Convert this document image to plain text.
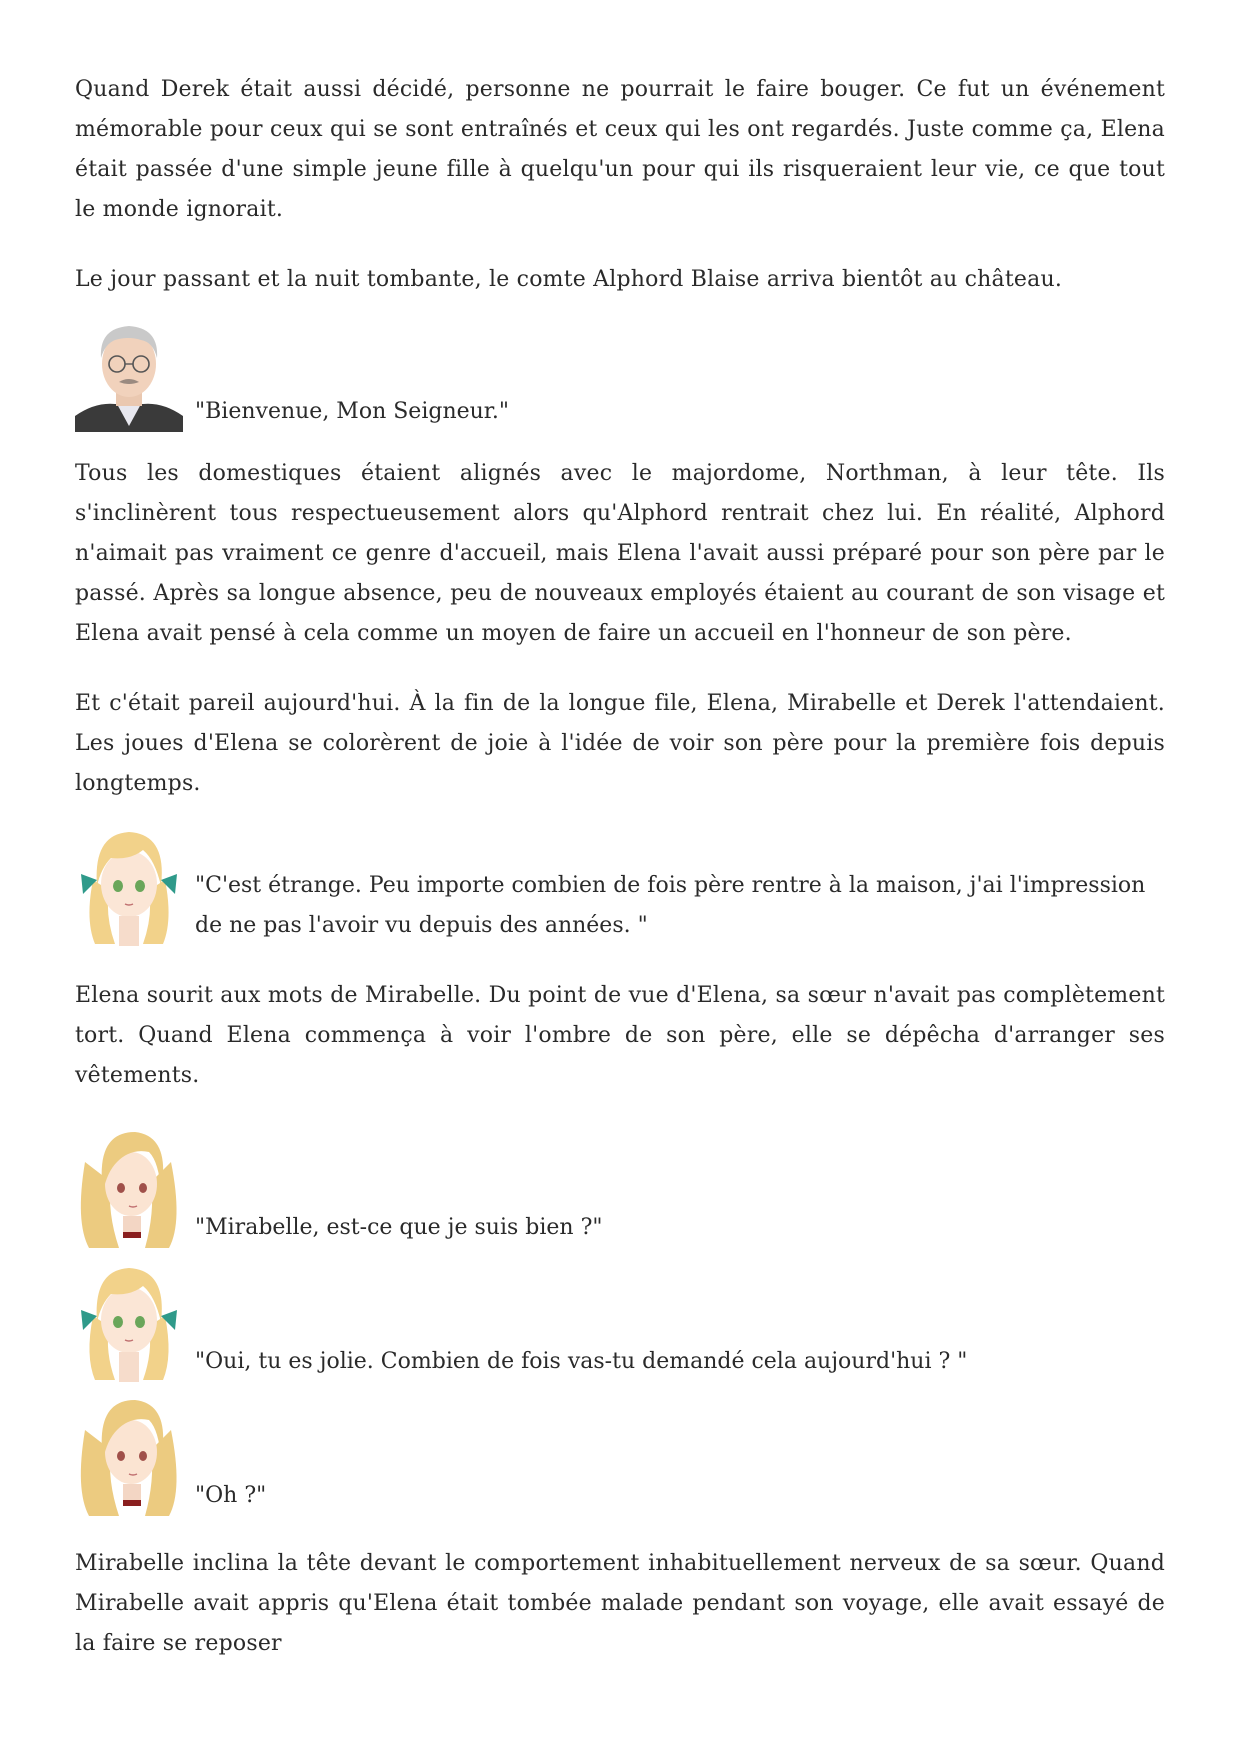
Quand Derek était aussi décidé, personne ne pourrait le faire bouger. Ce fut un événement mémorable pour ceux qui se sont entraînés et ceux qui les ont regardés. Juste comme ça, Elena était passée d'une simple jeune fille à quelqu'un pour qui ils risqueraient leur vie, ce que tout le monde ignorait.

Le jour passant et la nuit tombante, le comte Alphord Blaise arriva bientôt au château.

"Bienvenue, Mon Seigneur."

Tous les domestiques étaient alignés avec le majordome, Northman, à leur tête. Ils s'inclinèrent tous respectueusement alors qu'Alphord rentrait chez lui. En réalité, Alphord n'aimait pas vraiment ce genre d'accueil, mais Elena l'avait aussi préparé pour son père par le passé. Après sa longue absence, peu de nouveaux employés étaient au courant de son visage et Elena avait pensé à cela comme un moyen de faire un accueil en l'honneur de son père.

Et c'était pareil aujourd'hui. À la fin de la longue file, Elena, Mirabelle et Derek l'attendaient. Les joues d'Elena se colorèrent de joie à l'idée de voir son père pour la première fois depuis longtemps.

"C'est étrange. Peu importe combien de fois père rentre à la maison, j'ai l'impression de ne pas l'avoir vu depuis des années. "

Elena sourit aux mots de Mirabelle. Du point de vue d'Elena, sa sœur n'avait pas complètement tort. Quand Elena commença à voir l'ombre de son père, elle se dépêcha d'arranger ses vêtements.

"Mirabelle, est-ce que je suis bien ?"
"Oui, tu es jolie. Combien de fois vas-tu demandé cela aujourd'hui ? "
"Oh ?"

Mirabelle inclina la tête devant le comportement inhabituellement nerveux de sa sœur. Quand Mirabelle avait appris qu'Elena était tombée malade pendant son voyage, elle avait essayé de la faire se reposer
